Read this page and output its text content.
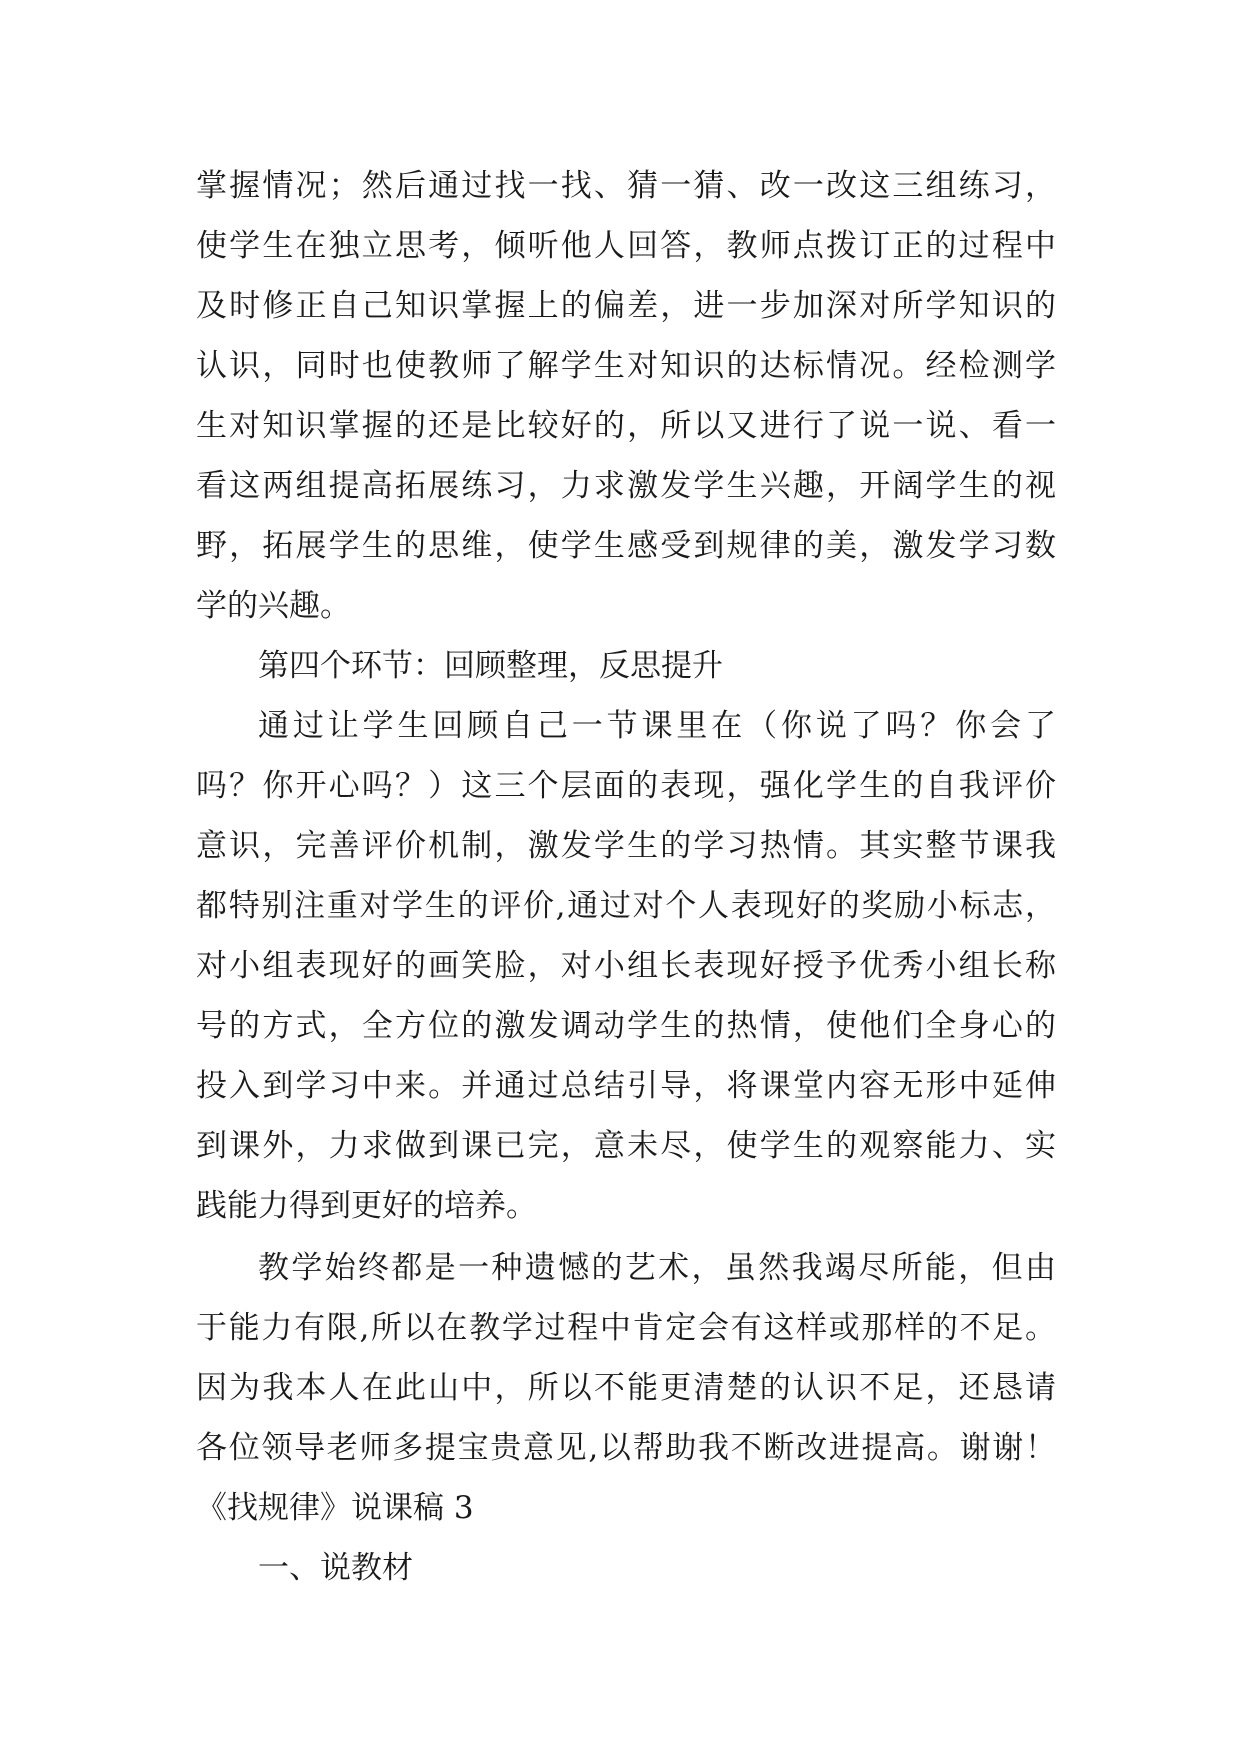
掌握情况；然后通过找一找、猜一猜、改一改这三组练习，
使学生在独立思考，倾听他人回答，教师点拨订正的过程中
及时修正自己知识掌握上的偏差，进一步加深对所学知识的
认识，同时也使教师了解学生对知识的达标情况。经检测学
生对知识掌握的还是比较好的，所以又进行了说一说、看一
看这两组提高拓展练习，力求激发学生兴趣，开阔学生的视
野，拓展学生的思维，使学生感受到规律的美，激发学习数
学的兴趣。
第四个环节：回顾整理，反思提升
通过让学生回顾自己一节课里在（你说了吗？你会了
吗？你开心吗？）这三个层面的表现，强化学生的自我评价
意识，完善评价机制，激发学生的学习热情。其实整节课我
都特别注重对学生的评价,通过对个人表现好的奖励小标志，
对小组表现好的画笑脸，对小组长表现好授予优秀小组长称
号的方式，全方位的激发调动学生的热情，使他们全身心的
投入到学习中来。并通过总结引导，将课堂内容无形中延伸
到课外，力求做到课已完，意未尽，使学生的观察能力、实
践能力得到更好的培养。
教学始终都是一种遗憾的艺术，虽然我竭尽所能，但由
于能力有限,所以在教学过程中肯定会有这样或那样的不足。
因为我本人在此山中，所以不能更清楚的认识不足，还恳请
各位领导老师多提宝贵意见,以帮助我不断改进提高。谢谢！
《找规律》说课稿 3
一、说教材
